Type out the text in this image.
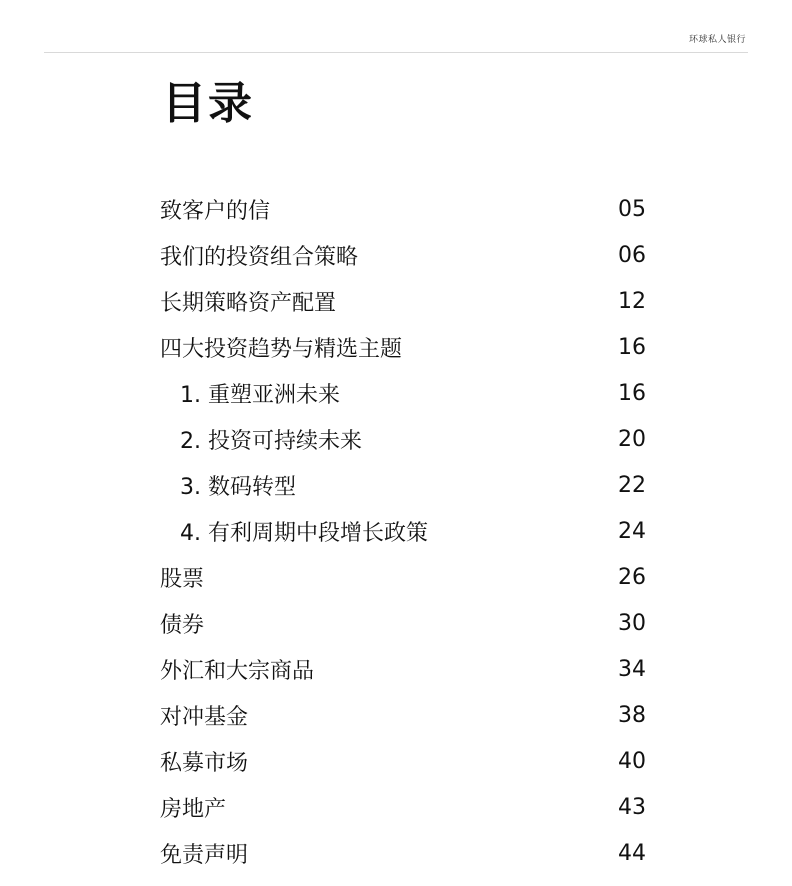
环球私人银行
目录
致客户的信	05
我们的投资组合策略	06
长期策略资产配置	12
四大投资趋势与精选主题	16
1. 重塑亚洲未来	16
2. 投资可持续未来	20
3. 数码转型	22
4. 有利周期中段增长政策	24
股票	26
债券	30
外汇和大宗商品	34
对冲基金	38
私募市场	40
房地产	43
免责声明	44
